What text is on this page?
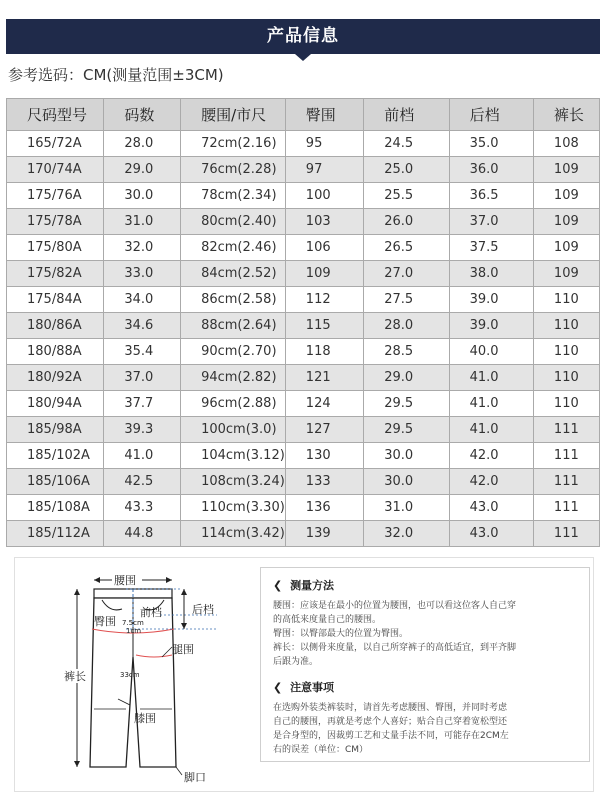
产品信息
参考选码：CM(测量范围±3CM)
尺码型号	码数	腰围/市尺	臀围	前档	后档	裤长
165/72A	28.0	72cm(2.16)	95	24.5	35.0	108
170/74A	29.0	76cm(2.28)	97	25.0	36.0	109
175/76A	30.0	78cm(2.34)	100	25.5	36.5	109
175/78A	31.0	80cm(2.40)	103	26.0	37.0	109
175/80A	32.0	82cm(2.46)	106	26.5	37.5	109
175/82A	33.0	84cm(2.52)	109	27.0	38.0	109
175/84A	34.0	86cm(2.58)	112	27.5	39.0	110
180/86A	34.6	88cm(2.64)	115	28.0	39.0	110
180/88A	35.4	90cm(2.70)	118	28.5	40.0	110
180/92A	37.0	94cm(2.82)	121	29.0	41.0	110
180/94A	37.7	96cm(2.88)	124	29.5	41.0	110
185/98A	39.3	100cm(3.0)	127	29.5	41.0	111
185/102A	41.0	104cm(3.12)	130	30.0	42.0	111
185/106A	42.5	108cm(3.24)	133	30.0	42.0	111
185/108A	43.3	110cm(3.30)	136	31.0	43.0	111
185/112A	44.8	114cm(3.42)	139	32.0	43.0	111
腰围
前档	后档
7.5cm
1cm
33cm
臀围
腿围
裤长
膝围
脚口
❮ 测量方法

腰围：应该是在最小的位置为腰围，也可以看这位客人自己穿

的高低来度量自己的腰围。

臀围：以臀部最大的位置为臀围。

裤长：以侧骨来度量，以自己所穿裤子的高低适宜，到平齐脚

后跟为准。

❮ 注意事项

在选购外装类裤装时，请首先考虑腰围、臀围，并同时考虑

自己的腰围，再就是考虑个人喜好；贴合自己穿着宽松型还

是合身型的，因裁剪工艺和丈量手法不同，可能存在2CM左

右的误差（单位：CM）
